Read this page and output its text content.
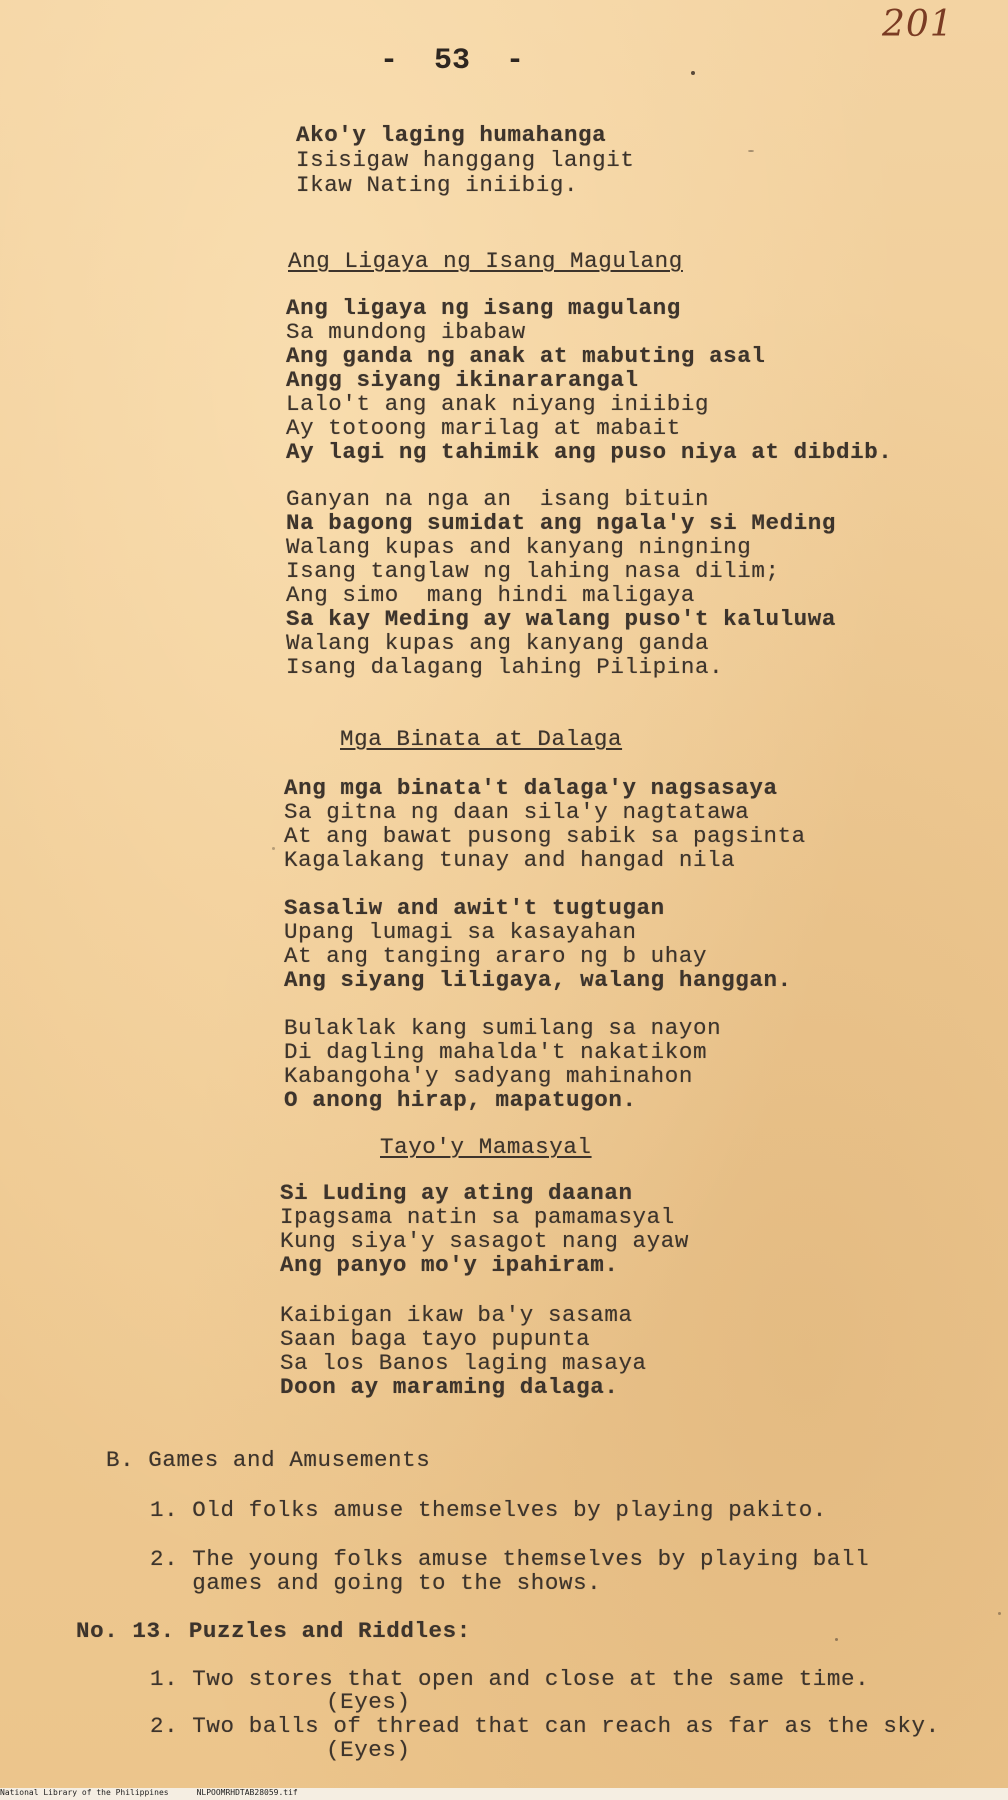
201
-  53  -
Ako'y laging humahanga
Isisigaw hanggang langit
Ikaw Nating iniibig.
Ang Ligaya ng Isang Magulang
Ang ligaya ng isang magulang
Sa mundong ibabaw
Ang ganda ng anak at mabuting asal
Angg siyang ikinararangal
Lalo't ang anak niyang iniibig
Ay totoong marilag at mabait
Ay lagi ng tahimik ang puso niya at dibdib.
Ganyan na nga an  isang bituin
Na bagong sumidat ang ngala'y si Meding
Walang kupas and kanyang ningning
Isang tanglaw ng lahing nasa dilim;
Ang simo  mang hindi maligaya
Sa kay Meding ay walang puso't kaluluwa
Walang kupas ang kanyang ganda
Isang dalagang lahing Pilipina.
Mga Binata at Dalaga
Ang mga binata't dalaga'y nagsasaya
Sa gitna ng daan sila'y nagtatawa
At ang bawat pusong sabik sa pagsinta
Kagalakang tunay and hangad nila
Sasaliw and awit't tugtugan
Upang lumagi sa kasayahan
At ang tanging araro ng b uhay
Ang siyang liligaya, walang hanggan.
Bulaklak kang sumilang sa nayon
Di dagling mahalda't nakatikom
Kabangoha'y sadyang mahinahon
O anong hirap, mapatugon.
Tayo'y Mamasyal
Si Luding ay ating daanan
Ipagsama natin sa pamamasyal
Kung siya'y sasagot nang ayaw
Ang panyo mo'y ipahiram.
Kaibigan ikaw ba'y sasama
Saan baga tayo pupunta
Sa los Banos laging masaya
Doon ay maraming dalaga.
B. Games and Amusements
1. Old folks amuse themselves by playing pakito.
2. The young folks amuse themselves by playing ball
games and going to the shows.
No. 13. Puzzles and Riddles:
1. Two stores that open and close at the same time.
(Eyes)
2. Two balls of thread that can reach as far as the sky.
(Eyes)
National Library of the Philippines	NLPOOMRHDTAB28059.tif
